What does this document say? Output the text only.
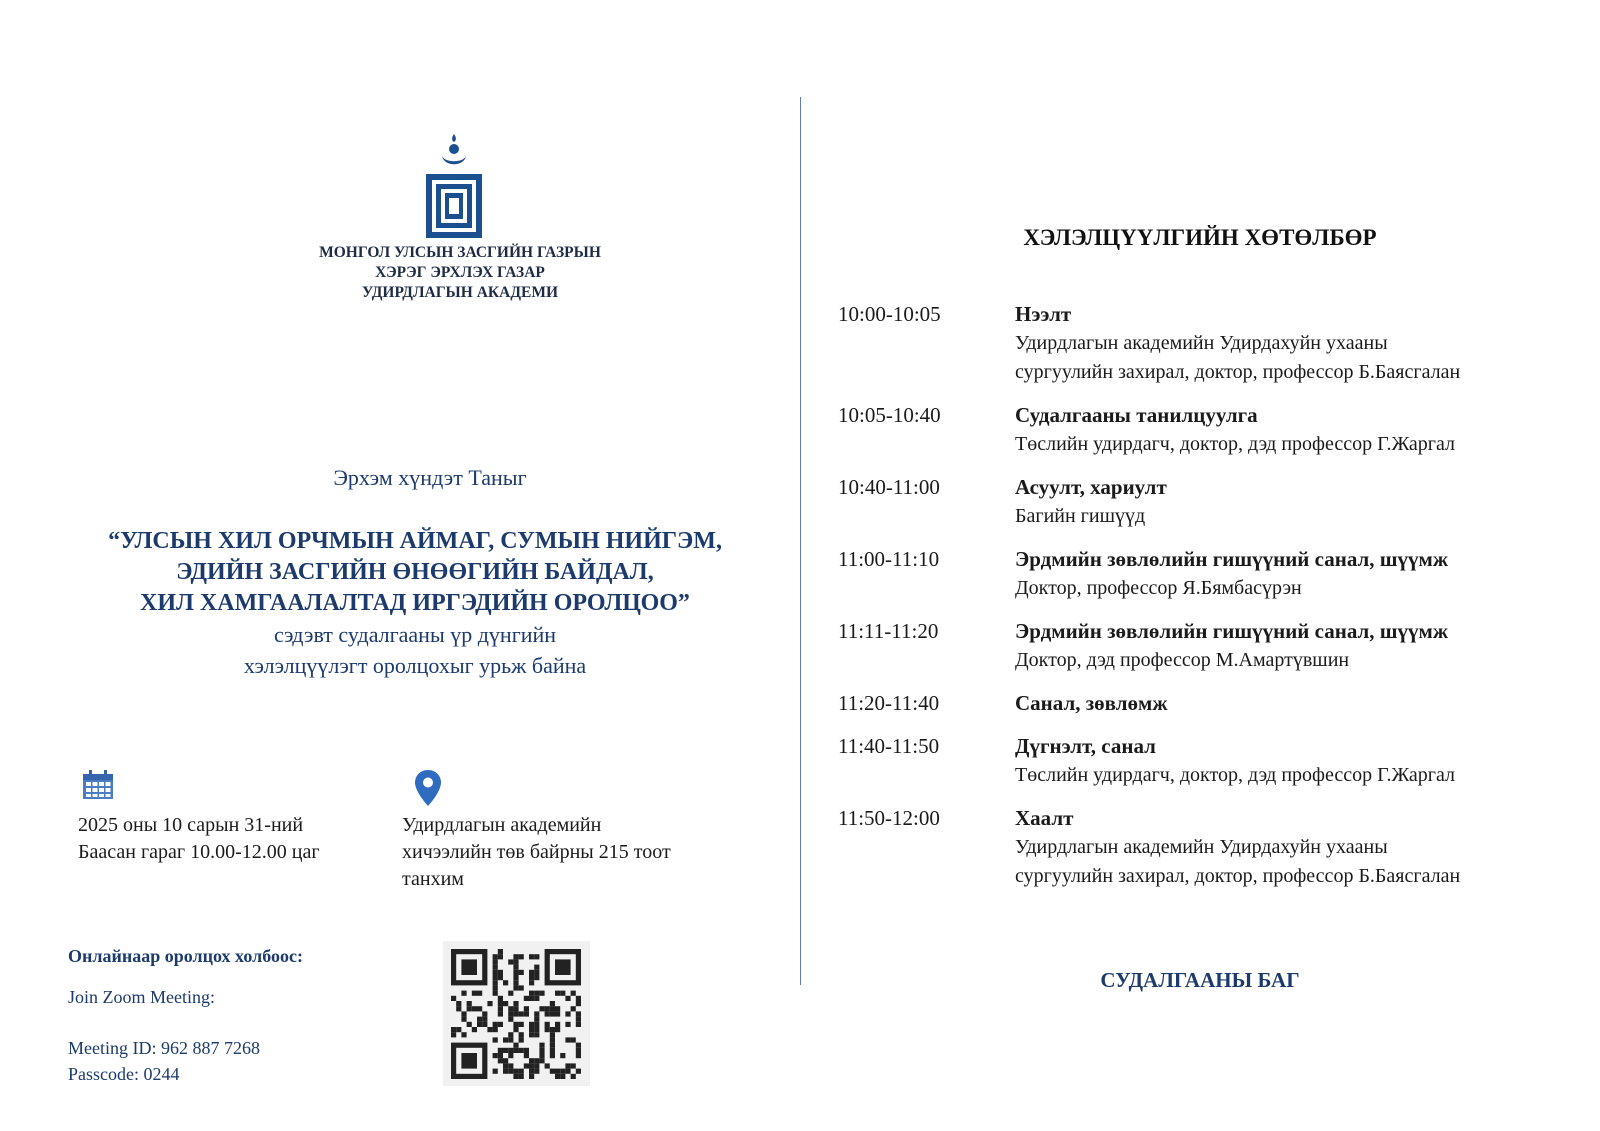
МОНГОЛ УЛСЫН ЗАСГИЙН ГАЗРЫН
ХЭРЭГ ЭРХЛЭХ ГАЗАР
УДИРДЛАГЫН АКАДЕМИ
Эрхэм хүндэт Таныг
“УЛСЫН ХИЛ ОРЧМЫН АЙМАГ, СУМЫН НИЙГЭМ,
ЭДИЙН ЗАСГИЙН ӨНӨӨГИЙН БАЙДАЛ,
ХИЛ ХАМГААЛАЛТАД ИРГЭДИЙН ОРОЛЦОО”
сэдэвт судалгааны үр дүнгийн
хэлэлцүүлэгт оролцохыг урьж байна
2025 оны 10 сарын 31-ний
Баасан гараг 10.00-12.00 цаг
Удирдлагын академийн
хичээлийн төв байрны 215 тоот
танхим
Онлайнаар оролцох холбоос:
Join Zoom Meeting:
Meeting ID: 962 887 7268
Passcode: 0244
ХЭЛЭЛЦҮҮЛГИЙН ХӨТӨЛБӨР
10:00-10:05	Нээлт
Удирдлагын академийн Удирдахуйн ухааны
сургуулийн захирал, доктор, профессор Б.Баясгалан
10:05-10:40	Судалгааны танилцуулга
Төслийн удирдагч, доктор, дэд профессор Г.Жаргал
10:40-11:00	Асуулт, хариулт
Багийн гишүүд
11:00-11:10	Эрдмийн зөвлөлийн гишүүний санал, шүүмж
Доктор, профессор Я.Бямбасүрэн
11:11-11:20	Эрдмийн зөвлөлийн гишүүний санал, шүүмж
Доктор, дэд профессор М.Амартүвшин
11:20-11:40	Санал, зөвлөмж
11:40-11:50	Дүгнэлт, санал
Төслийн удирдагч, доктор, дэд профессор Г.Жаргал
11:50-12:00	Хаалт
Удирдлагын академийн Удирдахуйн ухааны
сургуулийн захирал, доктор, профессор Б.Баясгалан
СУДАЛГААНЫ БАГ
